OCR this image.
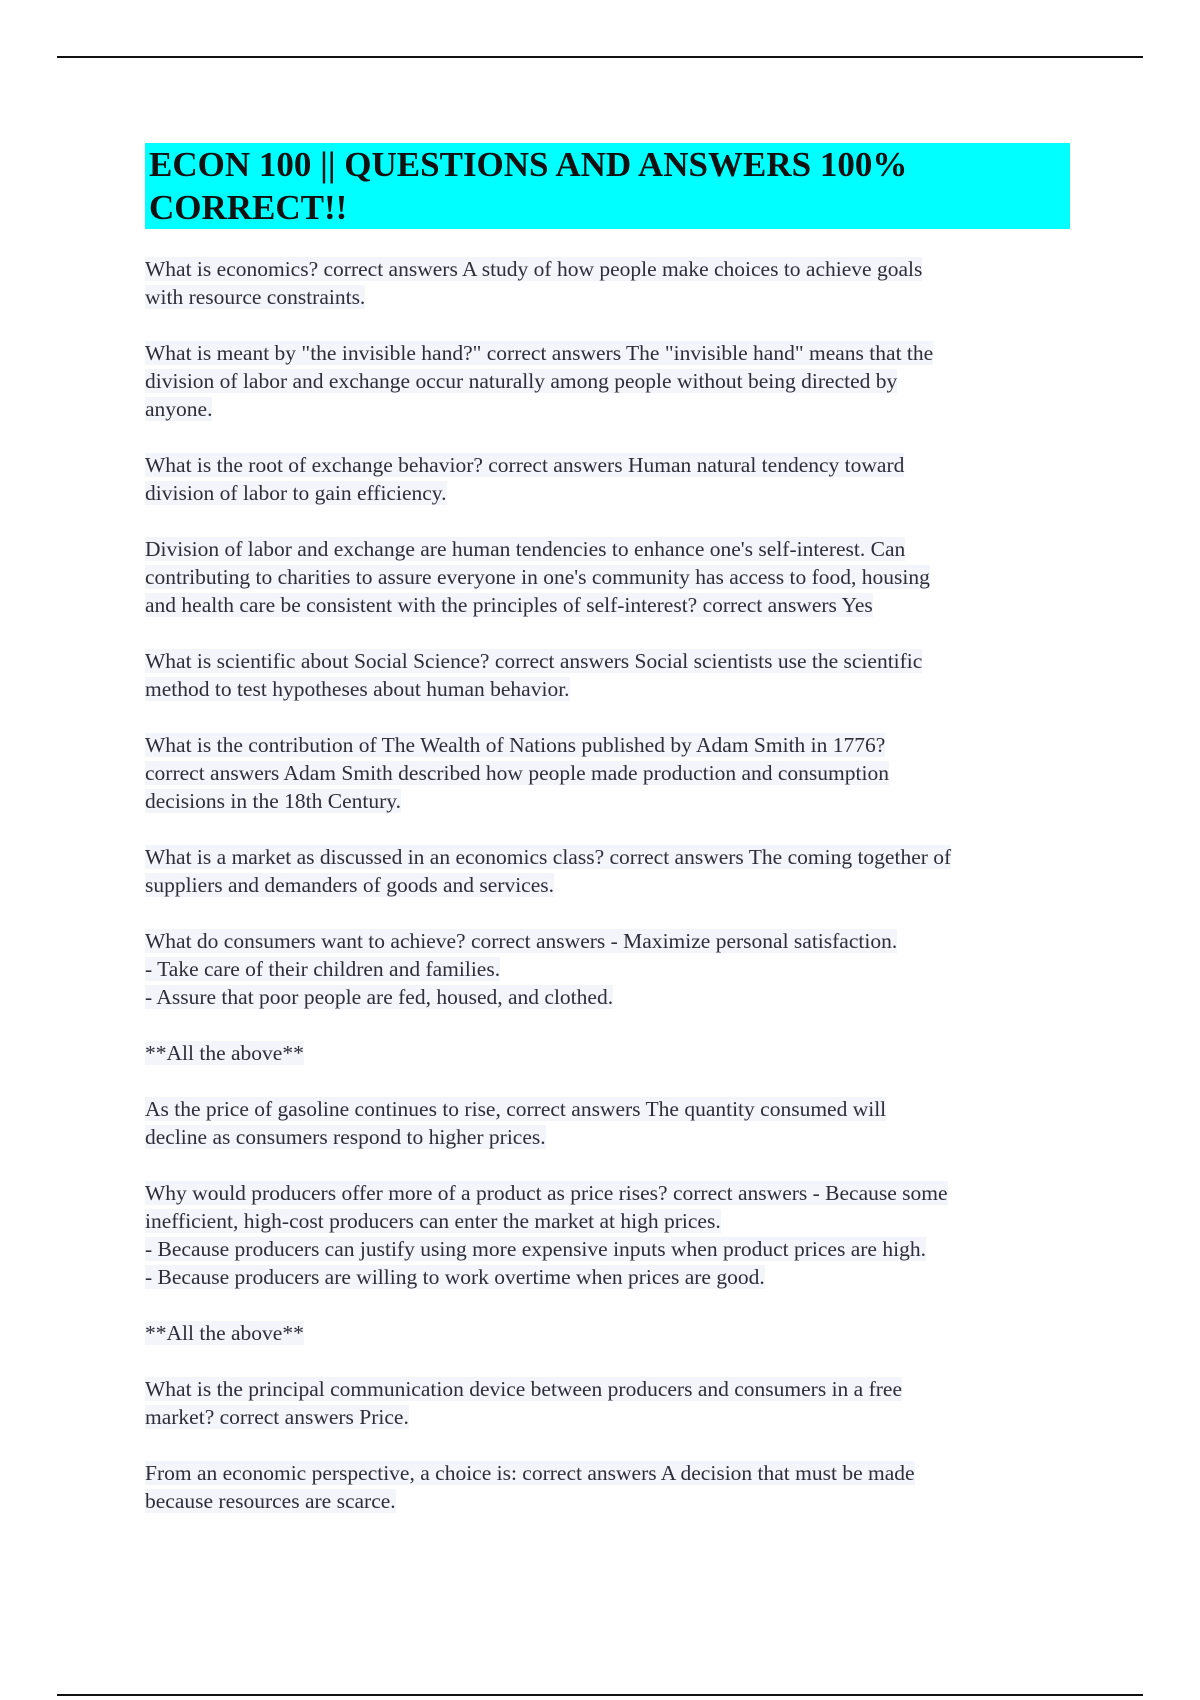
ECON 100 || QUESTIONS AND ANSWERS 100%
CORRECT!!

What is economics? correct answers A study of how people make choices to achieve goals
with resource constraints.

What is meant by "the invisible hand?" correct answers The "invisible hand" means that the
division of labor and exchange occur naturally among people without being directed by
anyone.

What is the root of exchange behavior? correct answers Human natural tendency toward
division of labor to gain efficiency.

Division of labor and exchange are human tendencies to enhance one's self-interest. Can
contributing to charities to assure everyone in one's community has access to food, housing
and health care be consistent with the principles of self-interest? correct answers Yes

What is scientific about Social Science? correct answers Social scientists use the scientific
method to test hypotheses about human behavior.

What is the contribution of The Wealth of Nations published by Adam Smith in 1776?
correct answers Adam Smith described how people made production and consumption
decisions in the 18th Century.

What is a market as discussed in an economics class? correct answers The coming together of
suppliers and demanders of goods and services.

What do consumers want to achieve? correct answers - Maximize personal satisfaction.
- Take care of their children and families.
- Assure that poor people are fed, housed, and clothed.

**All the above**

As the price of gasoline continues to rise, correct answers The quantity consumed will
decline as consumers respond to higher prices.

Why would producers offer more of a product as price rises? correct answers - Because some
inefficient, high-cost producers can enter the market at high prices.
- Because producers can justify using more expensive inputs when product prices are high.
- Because producers are willing to work overtime when prices are good.

**All the above**

What is the principal communication device between producers and consumers in a free
market? correct answers Price.

From an economic perspective, a choice is: correct answers A decision that must be made
because resources are scarce.
